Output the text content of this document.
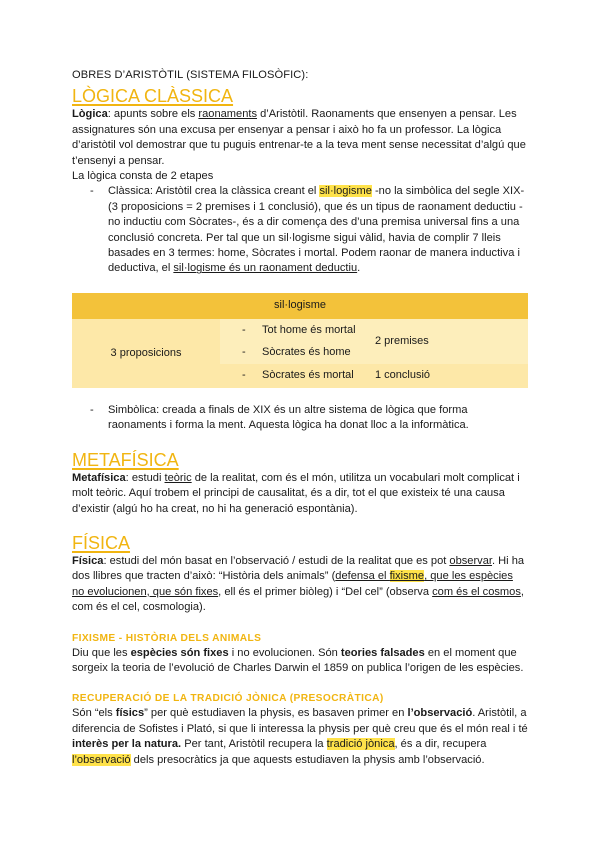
OBRES D’ARISTÒTIL (SISTEMA FILOSÒFIC):

LÒGICA CLÀSSICA

Lògica: apunts sobre els raonaments d’Aristòtil. Raonaments que ensenyen a pensar. Les assignatures són una excusa per ensenyar a pensar i això ho fa un professor. La lògica d’aristòtil vol demostrar que tu puguis entrenar-te a la teva ment sense necessitat d’algú que t’ensenyi a pensar.

La lògica consta de 2 etapes

- Clàssica: Aristòtil crea la clàssica creant el sil·logisme -no la simbòlica del segle XIX- (3 proposicions = 2 premises i 1 conclusió), que és un tipus de raonament deductiu -no inductiu com Sòcrates-, és a dir comença des d’una premisa universal fins a una conclusió concreta. Per tal que un sil·logisme sigui vàlid, havia de complir 7 lleis basades en 3 termes: home, Sòcrates i mortal. Podem raonar de manera inductiva i deductiva, el sil·logisme és un raonament deductiu.
sil·logisme		
3 proposicions	- Tot home és mortal	2 premises
	- Sòcrates és home	
	- Sòcrates és mortal	1 conclusió
- Simbòlica: creada a finals de XIX és un altre sistema de lògica que forma raonaments i forma la ment. Aquesta lògica ha donat lloc a la informàtica.
METAFÍSICA

Metafísica: estudi teòric de la realitat, com és el món, utilitza un vocabulari molt complicat i molt teòric. Aquí trobem el principi de causalitat, és a dir, tot el que existeix té una causa d’existir (algú ho ha creat, no hi ha generació espontània).

FÍSICA

Física: estudi del món basat en l’observació / estudi de la realitat que es pot observar. Hi ha dos llibres que tracten d’això: “Història dels animals” (defensa el fixisme, que les espècies no evolucionen, que són fixes, ell és el primer biòleg) i “Del cel” (observa com és el cosmos, com és el cel, cosmologia).

FIXISME - HISTÒRIA DELS ANIMALS

Diu que les espècies són fixes i no evolucionen. Són teories falsades en el moment que sorgeix la teoria de l’evolució de Charles Darwin el 1859 on publica l’origen de les espècies.

RECUPERACIÓ DE LA TRADICIÓ JÒNICA (PRESOCRÀTICA)

Són “els físics” per què estudiaven la physis, es basaven primer en l’observació. Aristòtil, a diferencia de Sofistes i Plató, si que li interessa la physis per què creu que és el món real i té interès per la natura. Per tant, Aristòtil recupera la tradició jònica, és a dir, recupera l’observació dels presocràtics ja que aquests estudiaven la physis amb l’observació.
